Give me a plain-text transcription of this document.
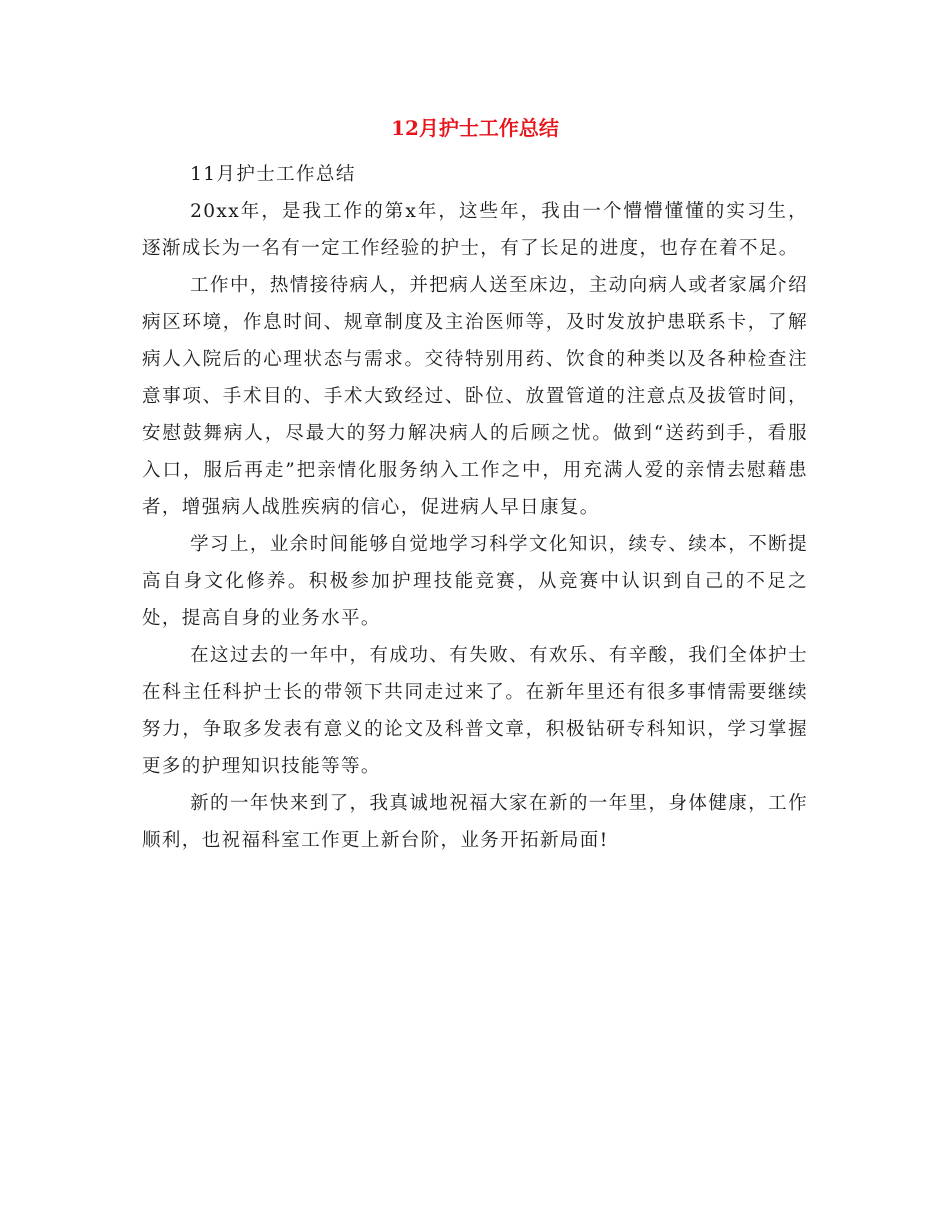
12月护士工作总结

11月护士工作总结

20xx年，是我工作的第x年，这些年，我由一个懵懵懂懂的实习生，逐渐成长为一名有一定工作经验的护士，有了长足的进度，也存在着不足。

工作中，热情接待病人，并把病人送至床边，主动向病人或者家属介绍病区环境，作息时间、规章制度及主治医师等，及时发放护患联系卡，了解病人入院后的心理状态与需求。交待特别用药、饮食的种类以及各种检查注意事项、手术目的、手术大致经过、卧位、放置管道的注意点及拔管时间，安慰鼓舞病人，尽最大的努力解决病人的后顾之忧。做到“送药到手，看服入口，服后再走”把亲情化服务纳入工作之中，用充满人爱的亲情去慰藉患者，增强病人战胜疾病的信心，促进病人早日康复。

学习上，业余时间能够自觉地学习科学文化知识，续专、续本，不断提高自身文化修养。积极参加护理技能竞赛，从竞赛中认识到自己的不足之处，提高自身的业务水平。

在这过去的一年中，有成功、有失败、有欢乐、有辛酸，我们全体护士在科主任科护士长的带领下共同走过来了。在新年里还有很多事情需要继续努力，争取多发表有意义的论文及科普文章，积极钻研专科知识，学习掌握更多的护理知识技能等等。

新的一年快来到了，我真诚地祝福大家在新的一年里，身体健康，工作顺利，也祝福科室工作更上新台阶，业务开拓新局面!
